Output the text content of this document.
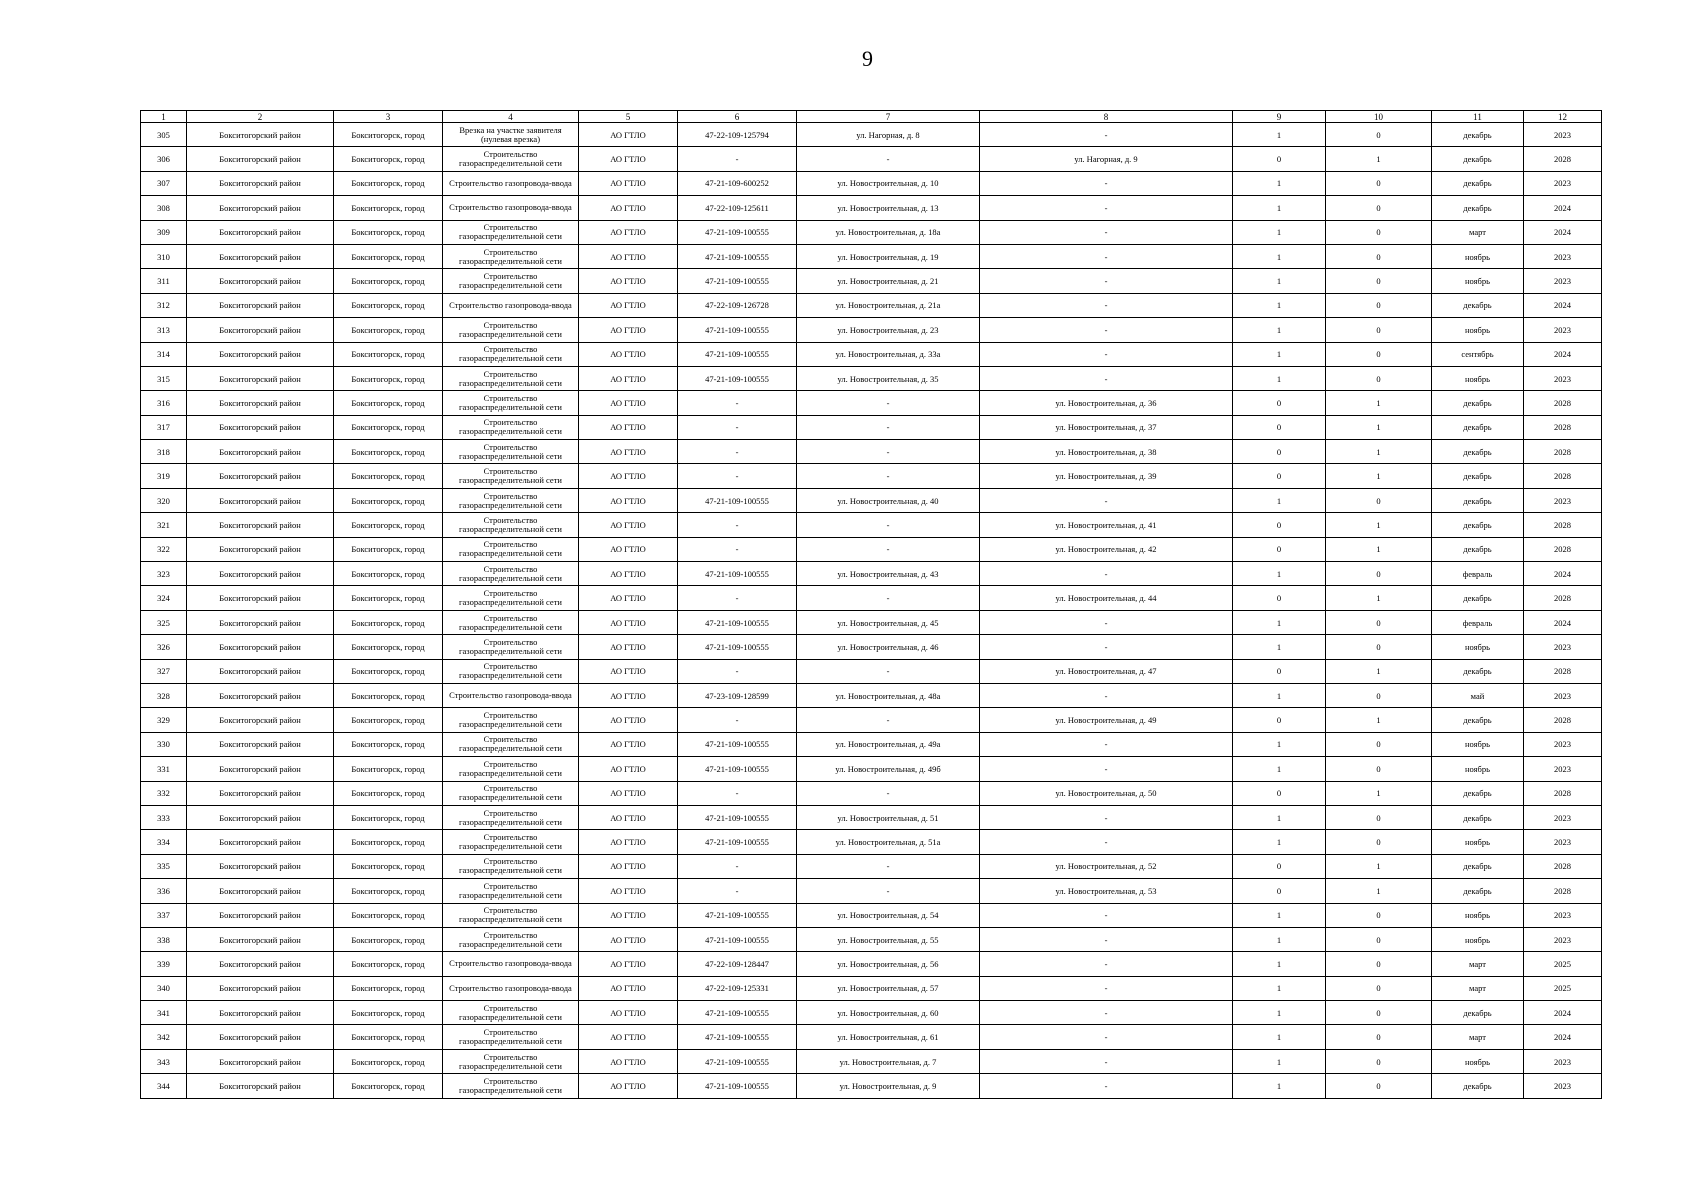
9
1	2	3	4	5	6	7	8	9	10	11	12
305	Бокситогорский район	Бокситогорск, город	Врезка на участке заявителя (нулевая врезка)	АО ГТЛО	47-22-109-125794	ул. Нагорная, д. 8	-	1	0	декабрь	2023
306	Бокситогорский район	Бокситогорск, город	Строительство газораспределительной сети	АО ГТЛО	-	-	ул. Нагорная, д. 9	0	1	декабрь	2028
307	Бокситогорский район	Бокситогорск, город	Строительство газопровода-ввода	АО ГТЛО	47-21-109-600252	ул. Новостроительная, д. 10	-	1	0	декабрь	2023
308	Бокситогорский район	Бокситогорск, город	Строительство газопровода-ввода	АО ГТЛО	47-22-109-125611	ул. Новостроительная, д. 13	-	1	0	декабрь	2024
309	Бокситогорский район	Бокситогорск, город	Строительство газораспределительной сети	АО ГТЛО	47-21-109-100555	ул. Новостроительная, д. 18а	-	1	0	март	2024
310	Бокситогорский район	Бокситогорск, город	Строительство газораспределительной сети	АО ГТЛО	47-21-109-100555	ул. Новостроительная, д. 19	-	1	0	ноябрь	2023
311	Бокситогорский район	Бокситогорск, город	Строительство газораспределительной сети	АО ГТЛО	47-21-109-100555	ул. Новостроительная, д. 21	-	1	0	ноябрь	2023
312	Бокситогорский район	Бокситогорск, город	Строительство газопровода-ввода	АО ГТЛО	47-22-109-126728	ул. Новостроительная, д. 21а	-	1	0	декабрь	2024
313	Бокситогорский район	Бокситогорск, город	Строительство газораспределительной сети	АО ГТЛО	47-21-109-100555	ул. Новостроительная, д. 23	-	1	0	ноябрь	2023
314	Бокситогорский район	Бокситогорск, город	Строительство газораспределительной сети	АО ГТЛО	47-21-109-100555	ул. Новостроительная, д. 33а	-	1	0	сентябрь	2024
315	Бокситогорский район	Бокситогорск, город	Строительство газораспределительной сети	АО ГТЛО	47-21-109-100555	ул. Новостроительная, д. 35	-	1	0	ноябрь	2023
316	Бокситогорский район	Бокситогорск, город	Строительство газораспределительной сети	АО ГТЛО	-	-	ул. Новостроительная, д. 36	0	1	декабрь	2028
317	Бокситогорский район	Бокситогорск, город	Строительство газораспределительной сети	АО ГТЛО	-	-	ул. Новостроительная, д. 37	0	1	декабрь	2028
318	Бокситогорский район	Бокситогорск, город	Строительство газораспределительной сети	АО ГТЛО	-	-	ул. Новостроительная, д. 38	0	1	декабрь	2028
319	Бокситогорский район	Бокситогорск, город	Строительство газораспределительной сети	АО ГТЛО	-	-	ул. Новостроительная, д. 39	0	1	декабрь	2028
320	Бокситогорский район	Бокситогорск, город	Строительство газораспределительной сети	АО ГТЛО	47-21-109-100555	ул. Новостроительная, д. 40	-	1	0	декабрь	2023
321	Бокситогорский район	Бокситогорск, город	Строительство газораспределительной сети	АО ГТЛО	-	-	ул. Новостроительная, д. 41	0	1	декабрь	2028
322	Бокситогорский район	Бокситогорск, город	Строительство газораспределительной сети	АО ГТЛО	-	-	ул. Новостроительная, д. 42	0	1	декабрь	2028
323	Бокситогорский район	Бокситогорск, город	Строительство газораспределительной сети	АО ГТЛО	47-21-109-100555	ул. Новостроительная, д. 43	-	1	0	февраль	2024
324	Бокситогорский район	Бокситогорск, город	Строительство газораспределительной сети	АО ГТЛО	-	-	ул. Новостроительная, д. 44	0	1	декабрь	2028
325	Бокситогорский район	Бокситогорск, город	Строительство газораспределительной сети	АО ГТЛО	47-21-109-100555	ул. Новостроительная, д. 45	-	1	0	февраль	2024
326	Бокситогорский район	Бокситогорск, город	Строительство газораспределительной сети	АО ГТЛО	47-21-109-100555	ул. Новостроительная, д. 46	-	1	0	ноябрь	2023
327	Бокситогорский район	Бокситогорск, город	Строительство газораспределительной сети	АО ГТЛО	-	-	ул. Новостроительная, д. 47	0	1	декабрь	2028
328	Бокситогорский район	Бокситогорск, город	Строительство газопровода-ввода	АО ГТЛО	47-23-109-128599	ул. Новостроительная, д. 48а	-	1	0	май	2023
329	Бокситогорский район	Бокситогорск, город	Строительство газораспределительной сети	АО ГТЛО	-	-	ул. Новостроительная, д. 49	0	1	декабрь	2028
330	Бокситогорский район	Бокситогорск, город	Строительство газораспределительной сети	АО ГТЛО	47-21-109-100555	ул. Новостроительная, д. 49а	-	1	0	ноябрь	2023
331	Бокситогорский район	Бокситогорск, город	Строительство газораспределительной сети	АО ГТЛО	47-21-109-100555	ул. Новостроительная, д. 49б	-	1	0	ноябрь	2023
332	Бокситогорский район	Бокситогорск, город	Строительство газораспределительной сети	АО ГТЛО	-	-	ул. Новостроительная, д. 50	0	1	декабрь	2028
333	Бокситогорский район	Бокситогорск, город	Строительство газораспределительной сети	АО ГТЛО	47-21-109-100555	ул. Новостроительная, д. 51	-	1	0	декабрь	2023
334	Бокситогорский район	Бокситогорск, город	Строительство газораспределительной сети	АО ГТЛО	47-21-109-100555	ул. Новостроительная, д. 51а	-	1	0	ноябрь	2023
335	Бокситогорский район	Бокситогорск, город	Строительство газораспределительной сети	АО ГТЛО	-	-	ул. Новостроительная, д. 52	0	1	декабрь	2028
336	Бокситогорский район	Бокситогорск, город	Строительство газораспределительной сети	АО ГТЛО	-	-	ул. Новостроительная, д. 53	0	1	декабрь	2028
337	Бокситогорский район	Бокситогорск, город	Строительство газораспределительной сети	АО ГТЛО	47-21-109-100555	ул. Новостроительная, д. 54	-	1	0	ноябрь	2023
338	Бокситогорский район	Бокситогорск, город	Строительство газораспределительной сети	АО ГТЛО	47-21-109-100555	ул. Новостроительная, д. 55	-	1	0	ноябрь	2023
339	Бокситогорский район	Бокситогорск, город	Строительство газопровода-ввода	АО ГТЛО	47-22-109-128447	ул. Новостроительная, д. 56	-	1	0	март	2025
340	Бокситогорский район	Бокситогорск, город	Строительство газопровода-ввода	АО ГТЛО	47-22-109-125331	ул. Новостроительная, д. 57	-	1	0	март	2025
341	Бокситогорский район	Бокситогорск, город	Строительство газораспределительной сети	АО ГТЛО	47-21-109-100555	ул. Новостроительная, д. 60	-	1	0	декабрь	2024
342	Бокситогорский район	Бокситогорск, город	Строительство газораспределительной сети	АО ГТЛО	47-21-109-100555	ул. Новостроительная, д. 61	-	1	0	март	2024
343	Бокситогорский район	Бокситогорск, город	Строительство газораспределительной сети	АО ГТЛО	47-21-109-100555	ул. Новостроительная, д. 7	-	1	0	ноябрь	2023
344	Бокситогорский район	Бокситогорск, город	Строительство газораспределительной сети	АО ГТЛО	47-21-109-100555	ул. Новостроительная, д. 9	-	1	0	декабрь	2023
